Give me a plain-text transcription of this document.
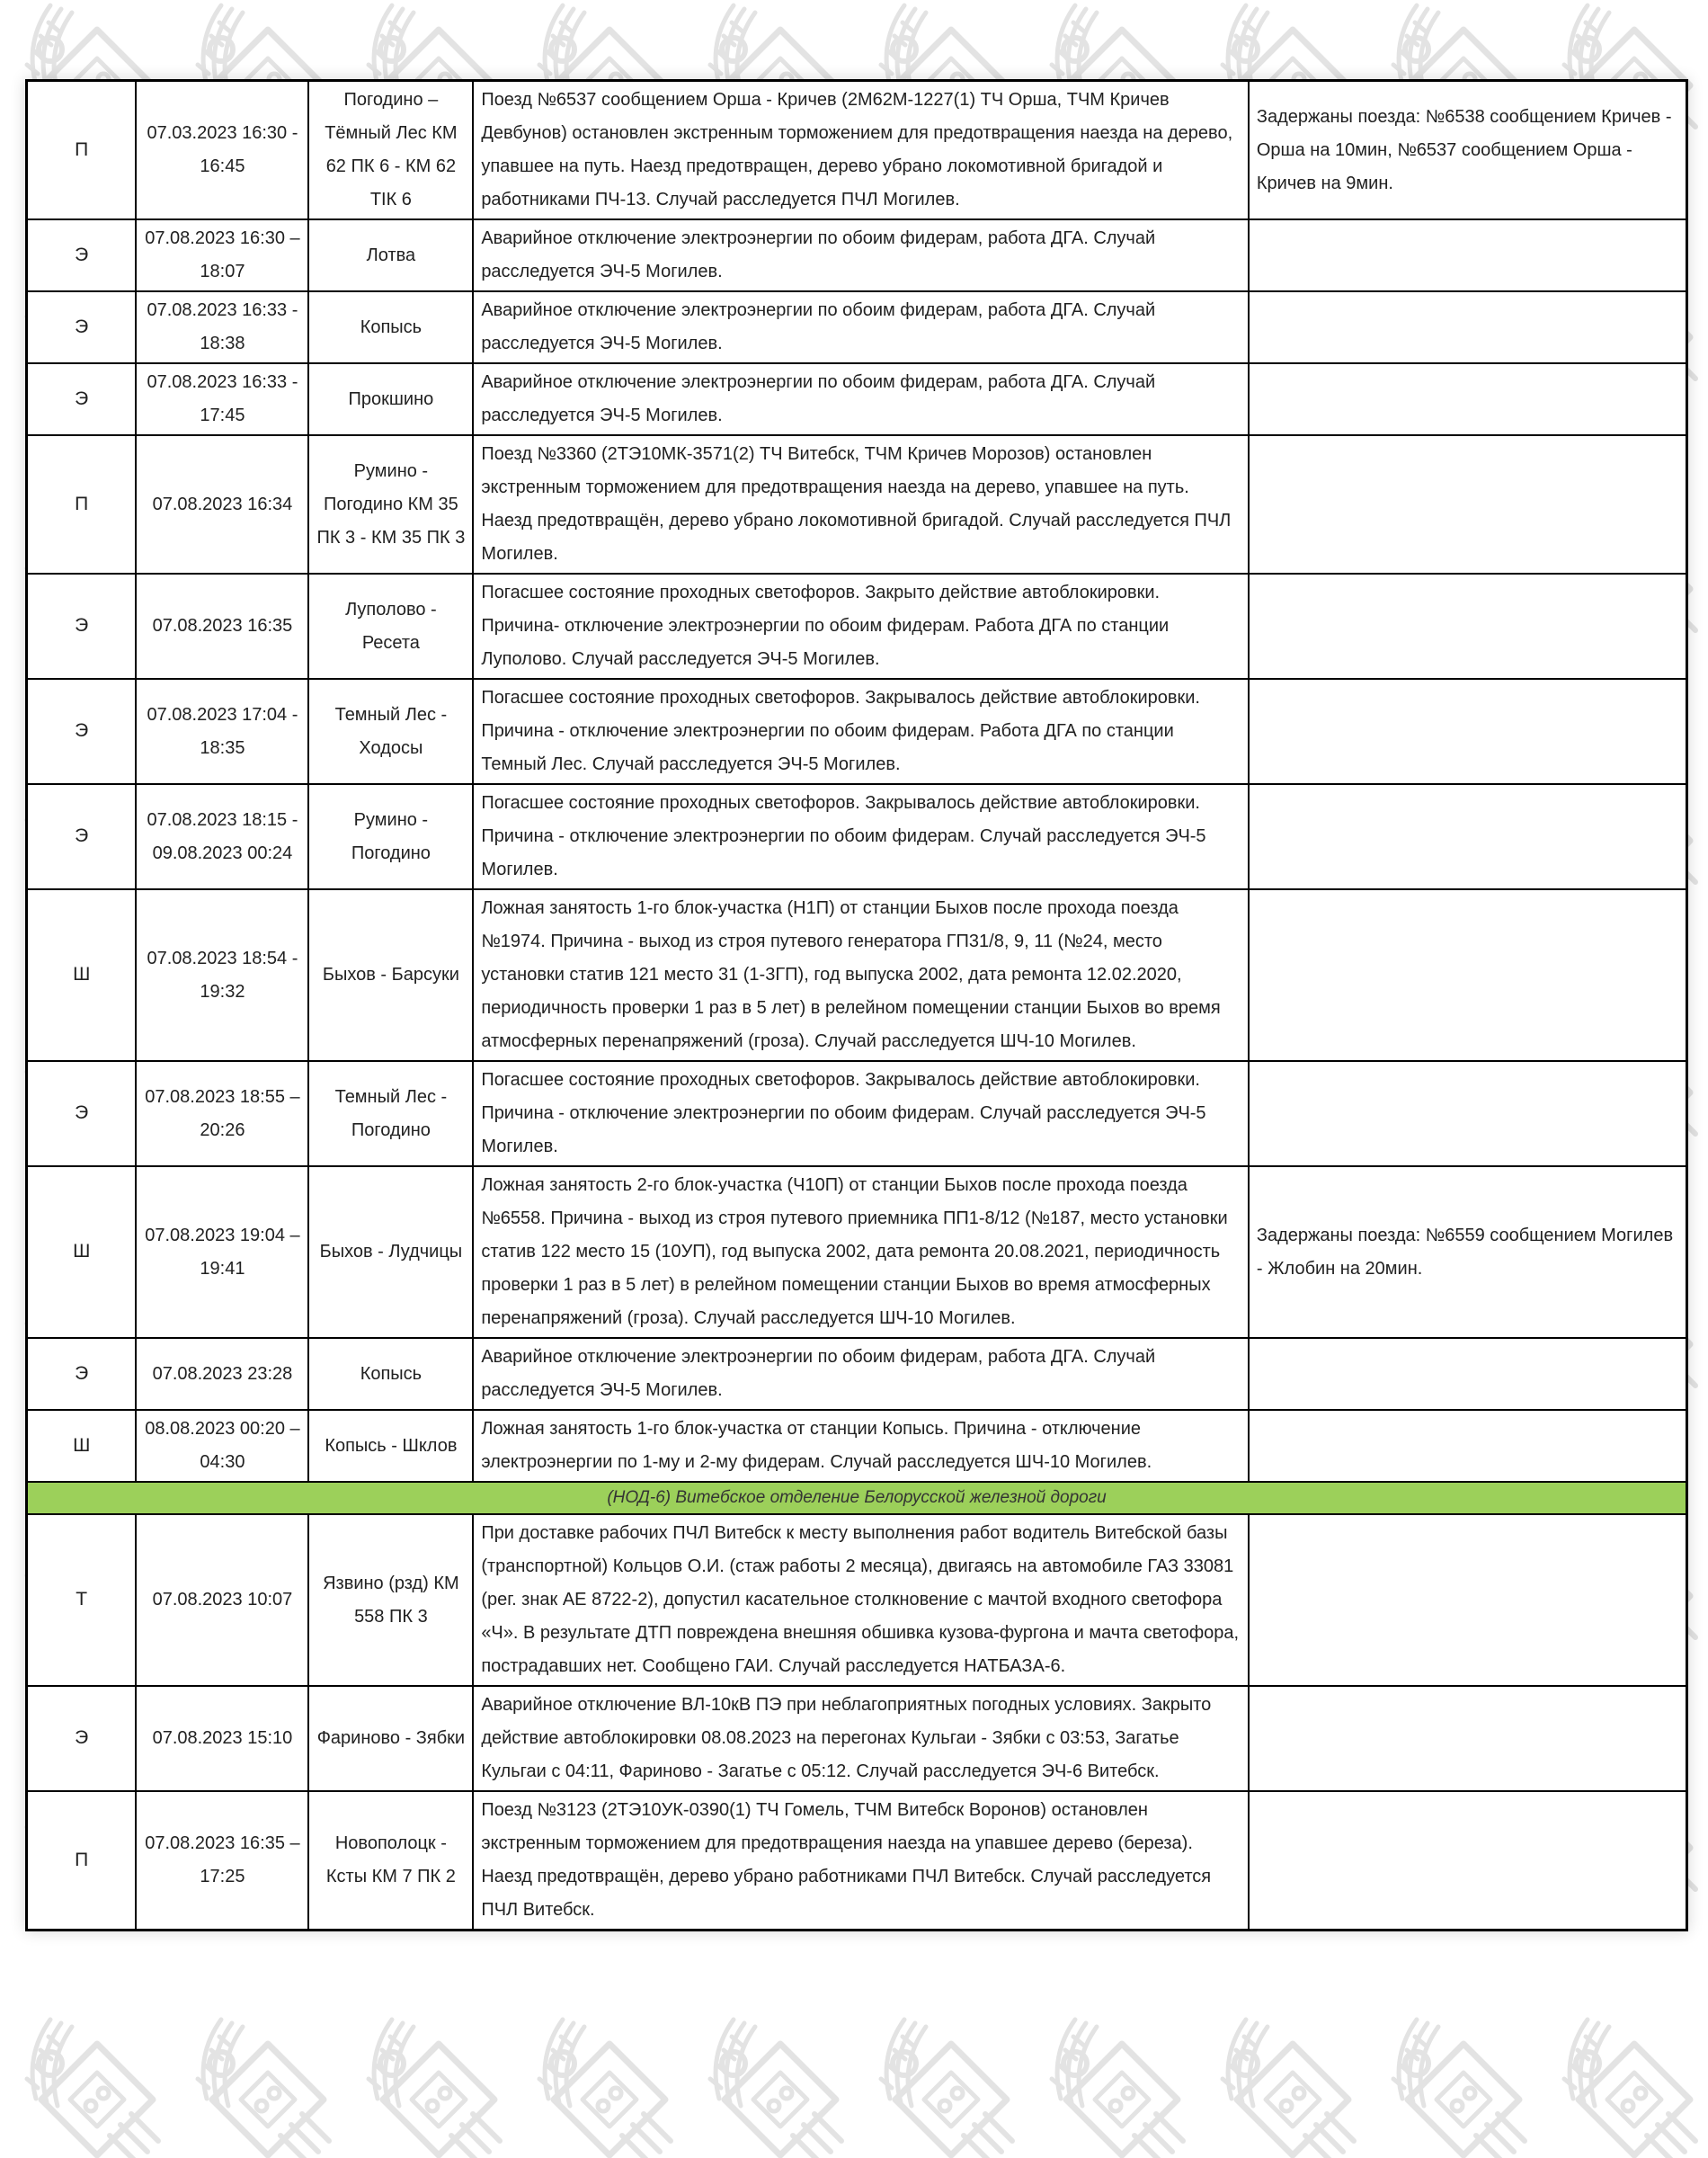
П	07.03.2023 16:30 - 16:45	Погодино – Тёмный Лес КМ 62 ПК 6 - КМ 62 ТІК 6	Поезд №6537 сообщением Орша - Кричев (2М62М-1227(1) ТЧ Орша, ТЧМ Кричев Девбунов) остановлен экстренным торможением для предотвращения наезда на дерево, упавшее на путь. Наезд предотвращен, дерево убрано локомотивной бригадой и работниками ПЧ-13. Случай расследуется ПЧЛ Могилев.	Задержаны поезда: №6538 сообщением Кричев - Орша на 10мин, №6537 сообщением Орша - Кричев на 9мин.
Э	07.08.2023 16:30 – 18:07	Лотва	Аварийное отключение электроэнергии по обоим фидерам, работа ДГА. Случай расследуется ЭЧ-5 Могилев.	
Э	07.08.2023 16:33 - 18:38	Копысь	Аварийное отключение электроэнергии по обоим фидерам, работа ДГА. Случай расследуется ЭЧ-5 Могилев.	
Э	07.08.2023 16:33 - 17:45	Прокшино	Аварийное отключение электроэнергии по обоим фидерам, работа ДГА. Случай расследуется ЭЧ-5 Могилев.	
П	07.08.2023 16:34	Румино - Погодино КМ 35 ПК 3 - КМ 35 ПК 3	Поезд №3360 (2ТЭ10МК-3571(2) ТЧ Витебск, ТЧМ Кричев Морозов) остановлен экстренным торможением для предотвращения наезда на дерево, упавшее на путь. Наезд предотвращён, дерево убрано локомотивной бригадой. Случай расследуется ПЧЛ Могилев.	
Э	07.08.2023 16:35	Луполово - Ресета	Погасшее состояние проходных светофоров. Закрыто действие автоблокировки. Причина- отключение электроэнергии по обоим фидерам. Работа ДГА по станции Луполово. Случай расследуется ЭЧ-5 Могилев.	
Э	07.08.2023 17:04 - 18:35	Темный Лес - Ходосы	Погасшее состояние проходных светофоров. Закрывалось действие автоблокировки. Причина - отключение электроэнергии по обоим фидерам. Работа ДГА по станции Темный Лес. Случай расследуется ЭЧ-5 Могилев.	
Э	07.08.2023 18:15 - 09.08.2023 00:24	Румино - Погодино	Погасшее состояние проходных светофоров. Закрывалось действие автоблокировки. Причина - отключение электроэнергии по обоим фидерам. Случай расследуется ЭЧ-5 Могилев.	
Ш	07.08.2023 18:54 - 19:32	Быхов - Барсуки	Ложная занятость 1-го блок-участка (Н1П) от станции Быхов после прохода поезда №1974. Причина - выход из строя путевого генератора ГП31/8, 9, 11 (№24, место установки статив 121 место 31 (1-3ГП), год выпуска 2002, дата ремонта 12.02.2020, периодичность проверки 1 раз в 5 лет) в релейном помещении станции Быхов во время атмосферных перенапряжений (гроза). Случай расследуется ШЧ-10 Могилев.	
Э	07.08.2023 18:55 – 20:26	Темный Лес - Погодино	Погасшее состояние проходных светофоров. Закрывалось действие автоблокировки. Причина - отключение электроэнергии по обоим фидерам. Случай расследуется ЭЧ-5 Могилев.	
Ш	07.08.2023 19:04 – 19:41	Быхов - Лудчицы	Ложная занятость 2-го блок-участка (Ч10П) от станции Быхов после прохода поезда №6558. Причина - выход из строя путевого приемника ПП1-8/12 (№187, место установки статив 122 место 15 (10УП), год выпуска 2002, дата ремонта 20.08.2021, периодичность проверки 1 раз в 5 лет) в релейном помещении станции Быхов во время атмосферных перенапряжений (гроза). Случай расследуется ШЧ-10 Могилев.	Задержаны поезда: №6559 сообщением Могилев - Жлобин на 20мин.
Э	07.08.2023 23:28	Копысь	Аварийное отключение электроэнергии по обоим фидерам, работа ДГА. Случай расследуется ЭЧ-5 Могилев.	
Ш	08.08.2023 00:20 – 04:30	Копысь - Шклов	Ложная занятость 1-го блок-участка от станции Копысь. Причина - отключение электроэнергии по 1-му и 2-му фидерам. Случай расследуется ШЧ-10 Могилев.	
(НОД-6) Витебское отделение Белорусской железной дороги				
Т	07.08.2023 10:07	Язвино (рзд) КМ 558 ПК 3	При доставке рабочих ПЧЛ Витебск к месту выполнения работ водитель Витебской базы (транспортной) Кольцов О.И. (стаж работы 2 месяца), двигаясь на автомобиле ГАЗ 33081 (рег. знак АЕ 8722-2), допустил касательное столкновение с мачтой входного светофора «Ч». В результате ДТП повреждена внешняя обшивка кузова-фургона и мачта светофора, пострадавших нет. Сообщено ГАИ. Случай расследуется НАТБАЗА-6.	
Э	07.08.2023 15:10	Фариново - Зябки	Аварийное отключение ВЛ-10кВ ПЭ при неблагоприятных погодных условиях. Закрыто действие автоблокировки 08.08.2023 на перегонах Кульгаи - Зябки с 03:53, Загатье Кульгаи с 04:11, Фариново - Загатье с 05:12. Случай расследуется ЭЧ-6 Витебск.	
П	07.08.2023 16:35 – 17:25	Новополоцк - Ксты КМ 7 ПК 2	Поезд №3123 (2ТЭ10УК-0390(1) ТЧ Гомель, ТЧМ Витебск Воронов) остановлен экстренным торможением для предотвращения наезда на упавшее дерево (береза). Наезд предотвращён, дерево убрано работниками ПЧЛ Витебск. Случай расследуется ПЧЛ Витебск.	
